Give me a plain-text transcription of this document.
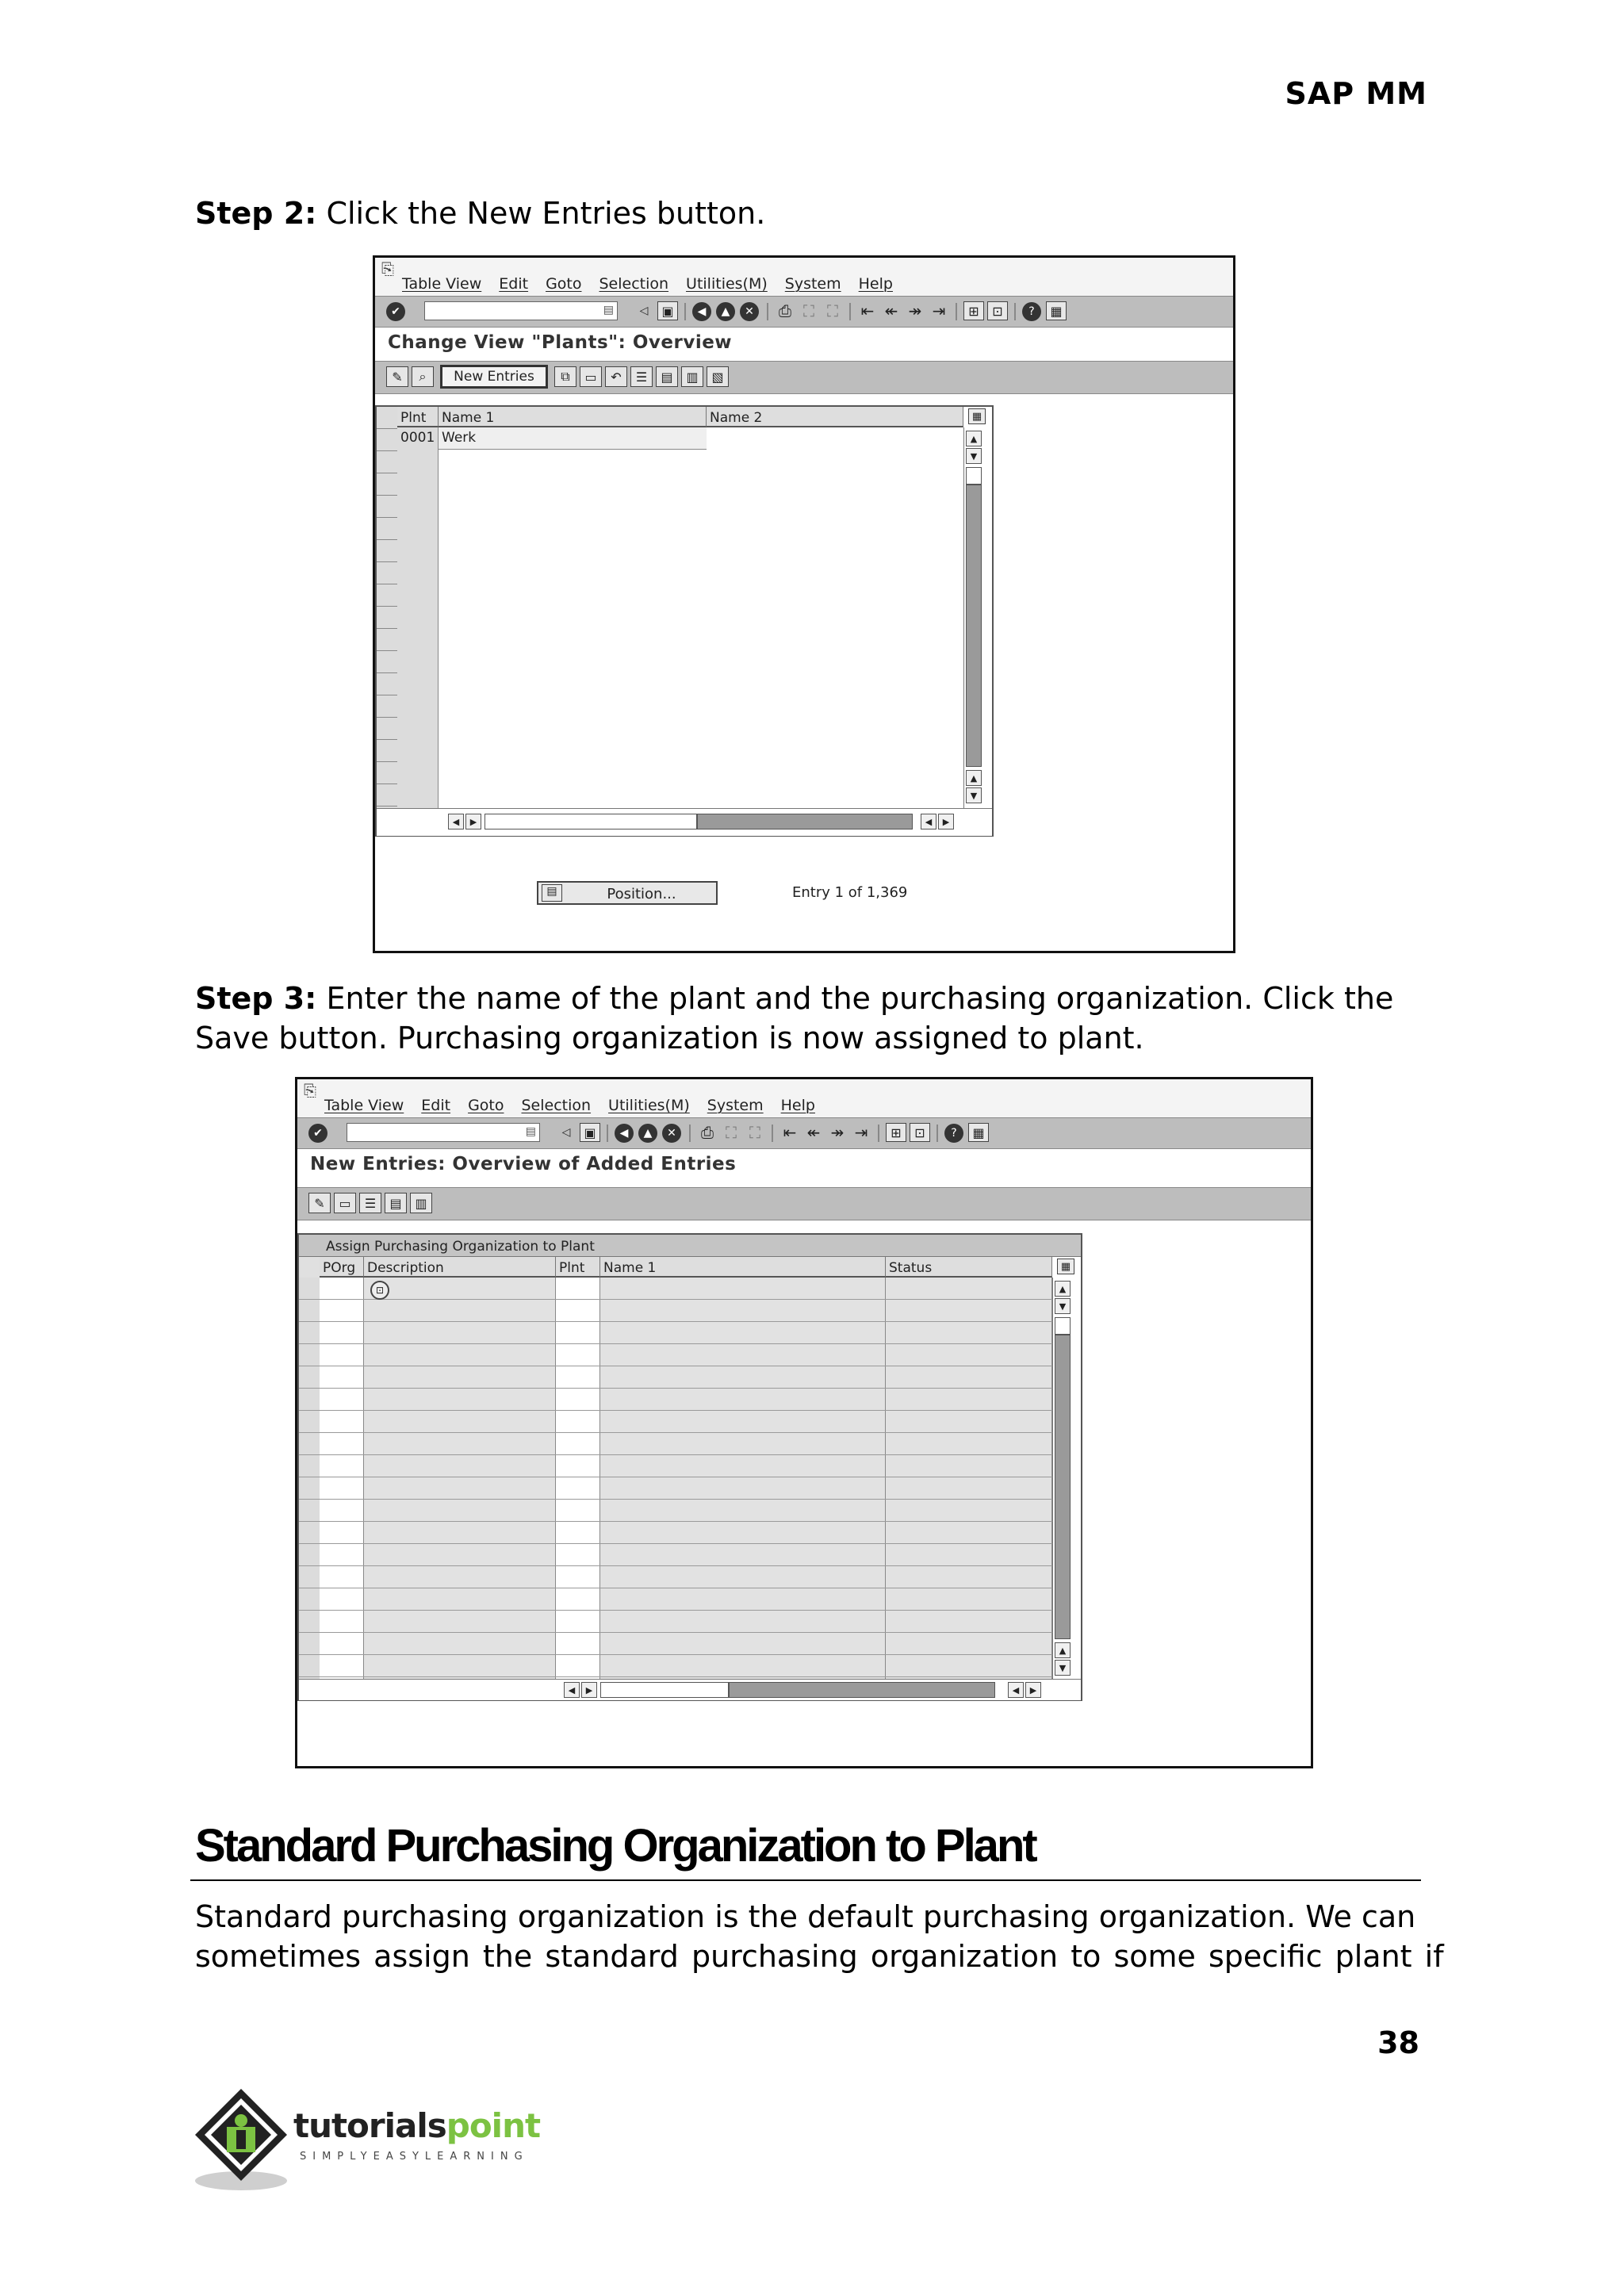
SAP MM
Step 2: Click the New Entries button.
⎘
Table View Edit Goto Selection Utilities(M) System Help
✔	▤	◁	▣	◀	▲	✕	⎙ ⛶ ⛶	⇤ ↞ ↠ ⇥	⊞	⊡	?	▦
Change View "Plants": Overview
✎	⌕	New Entries	⧉	▭	↶	☰	▤	▥	▧
Plnt	Name 1	Name 2	▦
0001 Werk	▲
▼
▲
▼
◀	▶	◀	▶
▤	Position...	Entry 1 of 1,369
Step 3: Enter the name of the plant and the purchasing organization. Click the
Save button. Purchasing organization is now assigned to plant.
⎘
Table View Edit Goto Selection Utilities(M) System Help
✔	▤	◁	▣	◀	▲	✕	⎙ ⛶ ⛶	⇤ ↞ ↠ ⇥	⊞	⊡	?	▦
New Entries: Overview of Added Entries
✎	▭	☰	▤	▥
Assign Purchasing Organization to Plant
POrg Description	Plnt	Name 1	Status	▦
⊡	▲
▼
▲
▼
◀	▶	◀	▶
Standard Purchasing Organization to Plant
Standard purchasing organization is the default purchasing organization. We can
sometimes assign the standard purchasing organization to some specific plant if
38
tutorialspoint
SIMPLYEASYLEARNING
